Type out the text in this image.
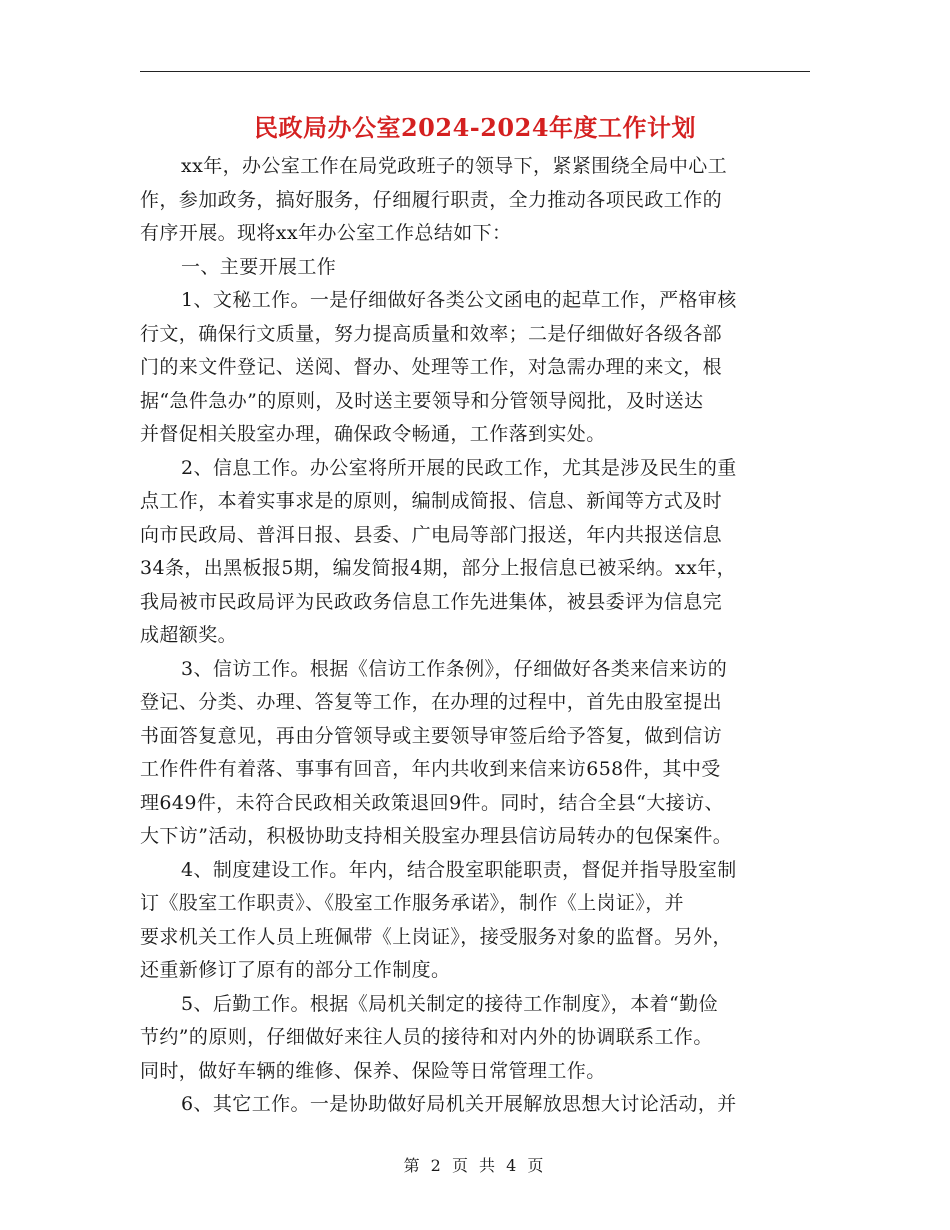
民政局办公室2024-2024年度工作计划

xx年，办公室工作在局党政班子的领导下，紧紧围绕全局中心工

作，参加政务，搞好服务，仔细履行职责，全力推动各项民政工作的

有序开展。现将xx年办公室工作总结如下：

一、主要开展工作

1、文秘工作。一是仔细做好各类公文函电的起草工作，严格审核

行文，确保行文质量，努力提高质量和效率；二是仔细做好各级各部

门的来文件登记、送阅、督办、处理等工作，对急需办理的来文，根

据“急件急办”的原则，及时送主要领导和分管领导阅批，及时送达

并督促相关股室办理，确保政令畅通，工作落到实处。

2、信息工作。办公室将所开展的民政工作，尤其是涉及民生的重

点工作，本着实事求是的原则，编制成简报、信息、新闻等方式及时

向市民政局、普洱日报、县委、广电局等部门报送，年内共报送信息

34条，出黑板报5期，编发简报4期，部分上报信息已被采纳。xx年，

我局被市民政局评为民政政务信息工作先进集体，被县委评为信息完

成超额奖。

3、信访工作。根据《信访工作条例》，仔细做好各类来信来访的

登记、分类、办理、答复等工作，在办理的过程中，首先由股室提出

书面答复意见，再由分管领导或主要领导审签后给予答复，做到信访

工作件件有着落、事事有回音，年内共收到来信来访658件，其中受

理649件，未符合民政相关政策退回9件。同时，结合全县“大接访、

大下访”活动，积极协助支持相关股室办理县信访局转办的包保案件。

4、制度建设工作。年内，结合股室职能职责，督促并指导股室制

订《股室工作职责》、《股室工作服务承诺》，制作《上岗证》，并

要求机关工作人员上班佩带《上岗证》，接受服务对象的监督。另外，

还重新修订了原有的部分工作制度。

5、后勤工作。根据《局机关制定的接待工作制度》，本着“勤俭

节约”的原则，仔细做好来往人员的接待和对内外的协调联系工作。

同时，做好车辆的维修、保养、保险等日常管理工作。

6、其它工作。一是协助做好局机关开展解放思想大讨论活动，并

第 2 页 共 4 页
